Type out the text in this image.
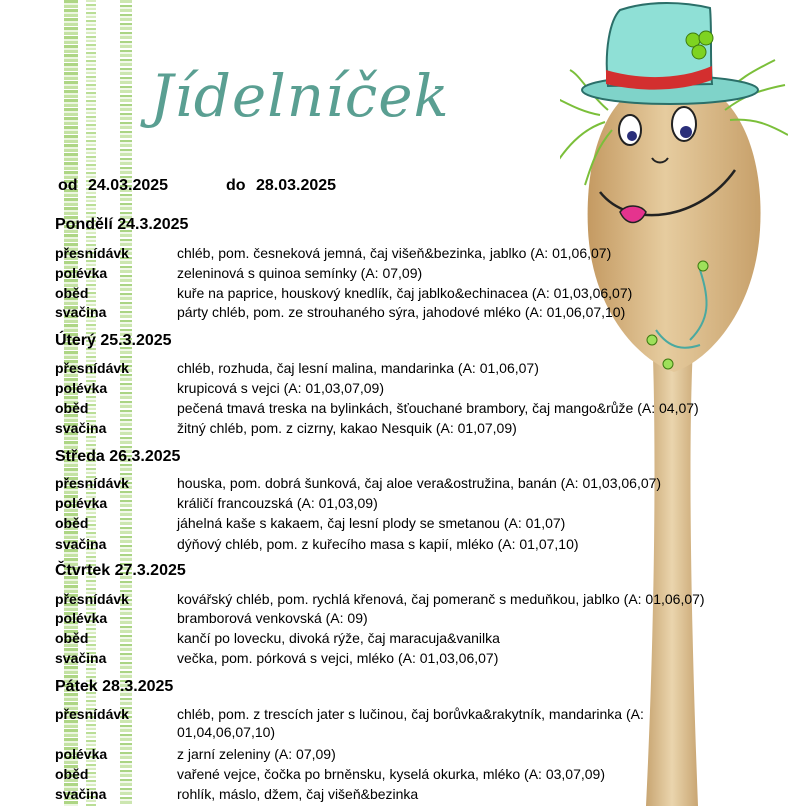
Jídelníček
od 24.03.2025	do 28.03.2025
Pondělí 24.3.2025
přesnídávk	chléb, pom. česneková jemná, čaj višeň&bezinka, jablko (A: 01,06,07)
polévka	zeleninová s quinoa semínky (A: 07,09)
oběd	kuře na paprice, houskový knedlík, čaj jablko&echinacea (A: 01,03,06,07)
svačina	párty chléb, pom. ze strouhaného sýra, jahodové mléko (A: 01,06,07,10)
Úterý 25.3.2025
přesnídávk	chléb, rozhuda, čaj lesní malina, mandarinka (A: 01,06,07)
polévka	krupicová s vejci (A: 01,03,07,09)
oběd	pečená tmavá treska na bylinkách, šťouchané brambory, čaj mango&růže (A: 04,07)
svačina	žitný chléb, pom. z cizrny, kakao Nesquik (A: 01,07,09)
Středa 26.3.2025
přesnídávk	houska, pom. dobrá šunková, čaj aloe vera&ostružina, banán (A: 01,03,06,07)
polévka	králičí francouzská (A: 01,03,09)
oběd	jáhelná kaše s kakaem, čaj lesní plody se smetanou (A: 01,07)
svačina	dýňový chléb, pom. z kuřecího masa s kapií, mléko (A: 01,07,10)
Čtvrtek 27.3.2025
přesnídávk	kovářský chléb, pom. rychlá křenová, čaj pomeranč s meduňkou, jablko (A: 01,06,07)
polévka	bramborová venkovská (A: 09)
oběd	kančí po lovecku, divoká rýže, čaj maracuja&vanilka
svačina	večka, pom. pórková s vejci, mléko (A: 01,03,06,07)
Pátek 28.3.2025
přesnídávk	chléb, pom. z trescích jater s lučinou, čaj borůvka&rakytník, mandarinka (A: 01,04,06,07,10)
polévka	z jarní zeleniny (A: 07,09)
oběd	vařené vejce, čočka po brněnsku, kyselá okurka, mléko (A: 03,07,09)
svačina	rohlík, máslo, džem, čaj višeň&bezinka
